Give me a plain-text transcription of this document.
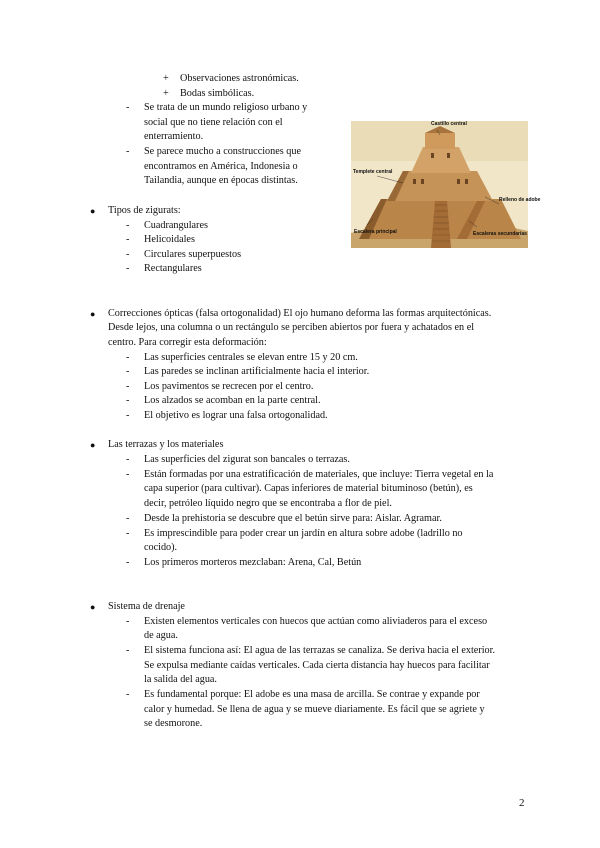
+ Observaciones astronómicas.
+ Bodas simbólicas.
- Se trata de un mundo religioso urbano y
social que no tiene relación con el
enterramiento.
- Se parece mucho a construcciones que
encontramos en América, Indonesia o
Tailandia, aunque en épocas distintas.
Castillo central
Templete central
Relleno de adobe
Escalera principal	Escaleras secundarias
● Tipos de zigurats:
- Cuadrangulares
- Helicoidales
- Circulares superpuestos
- Rectangulares
● Correcciones ópticas (falsa ortogonalidad) El ojo humano deforma las formas arquitectónicas.
Desde lejos, una columna o un rectángulo se perciben abiertos por fuera y achatados en el
centro. Para corregir esta deformación:
- Las superficies centrales se elevan entre 15 y 20 cm.
- Las paredes se inclinan artificialmente hacia el interior.
- Los pavimentos se recrecen por el centro.
- Los alzados se acomban en la parte central.
- El objetivo es lograr una falsa ortogonalidad.
● Las terrazas y los materiales
- Las superficies del zigurat son bancales o terrazas.
- Están formadas por una estratificación de materiales, que incluye: Tierra vegetal en la
capa superior (para cultivar). Capas inferiores de material bituminoso (betún), es
decir, petróleo líquido negro que se encontraba a flor de piel.
- Desde la prehistoria se descubre que el betún sirve para: Aislar. Agramar.
- Es imprescindible para poder crear un jardín en altura sobre adobe (ladrillo no
cocido).
- Los primeros morteros mezclaban: Arena, Cal, Betún
● Sistema de drenaje
- Existen elementos verticales con huecos que actúan como aliviaderos para el exceso
de agua.
- El sistema funciona así: El agua de las terrazas se canaliza. Se deriva hacia el exterior.
Se expulsa mediante caídas verticales. Cada cierta distancia hay huecos para facilitar
la salida del agua.
- Es fundamental porque: El adobe es una masa de arcilla. Se contrae y expande por
calor y humedad. Se llena de agua y se mueve diariamente. Es fácil que se agriete y
se desmorone.
2
